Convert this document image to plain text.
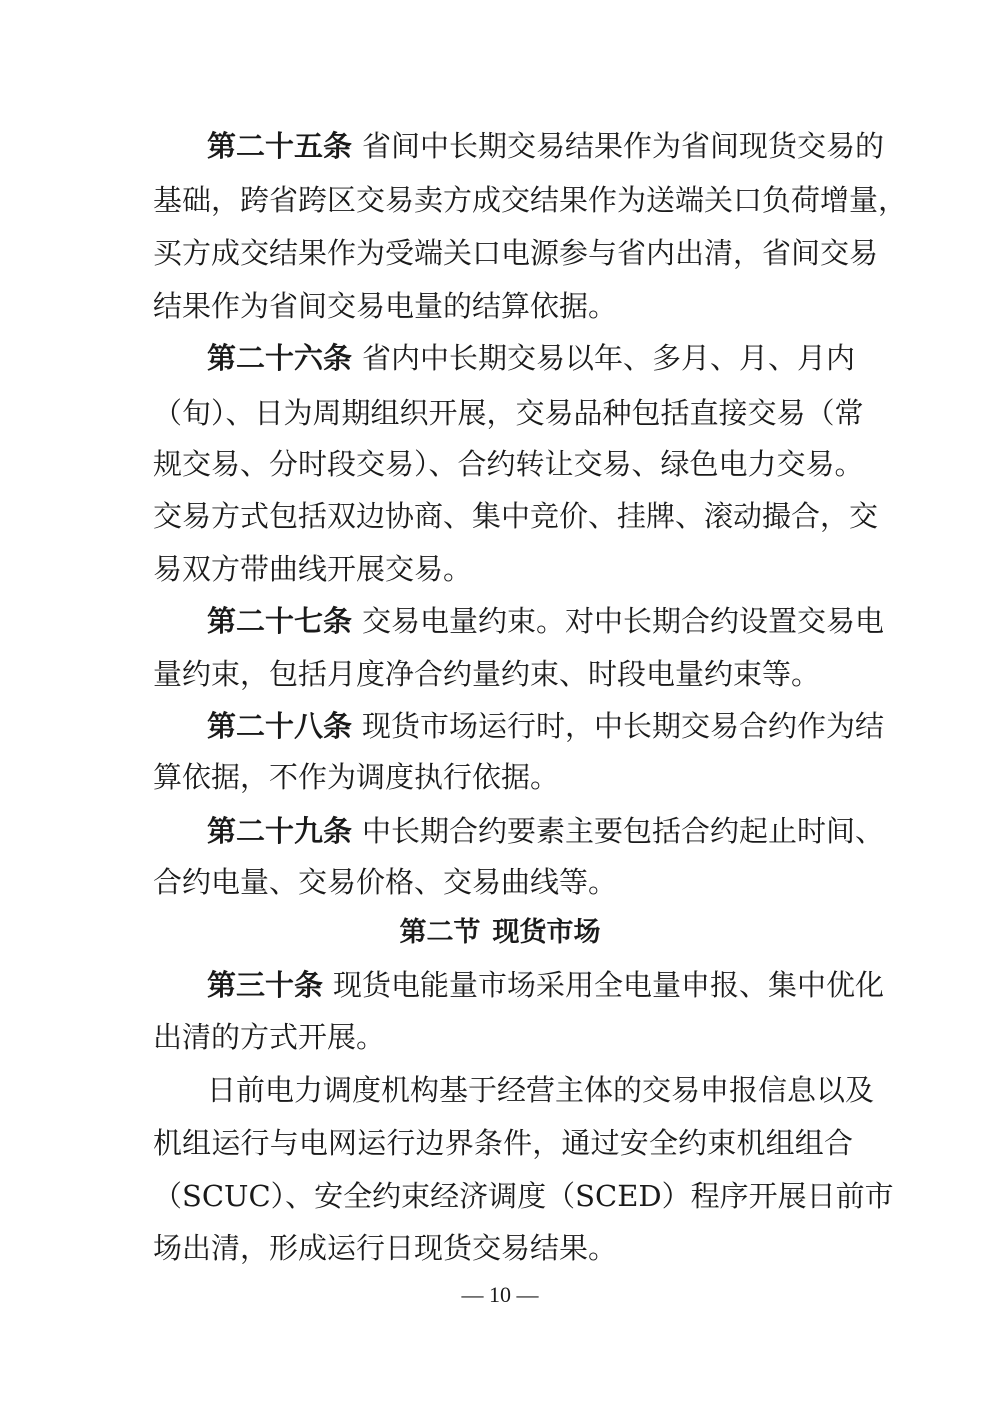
第二十五条 省间中长期交易结果作为省间现货交易的
基础，跨省跨区交易卖方成交结果作为送端关口负荷增量，
买方成交结果作为受端关口电源参与省内出清，省间交易
结果作为省间交易电量的结算依据。
第二十六条 省内中长期交易以年、多月、月、月内
（旬）、日为周期组织开展，交易品种包括直接交易（常
规交易、分时段交易）、合约转让交易、绿色电力交易。
交易方式包括双边协商、集中竞价、挂牌、滚动撮合，交
易双方带曲线开展交易。
第二十七条 交易电量约束。对中长期合约设置交易电
量约束，包括月度净合约量约束、时段电量约束等。
第二十八条 现货市场运行时，中长期交易合约作为结
算依据，不作为调度执行依据。
第二十九条 中长期合约要素主要包括合约起止时间、
合约电量、交易价格、交易曲线等。
第二节 现货市场
第三十条 现货电能量市场采用全电量申报、集中优化
出清的方式开展。
日前电力调度机构基于经营主体的交易申报信息以及
机组运行与电网运行边界条件，通过安全约束机组组合
（SCUC）、安全约束经济调度（SCED）程序开展日前市
场出清，形成运行日现货交易结果。
— 10 —
